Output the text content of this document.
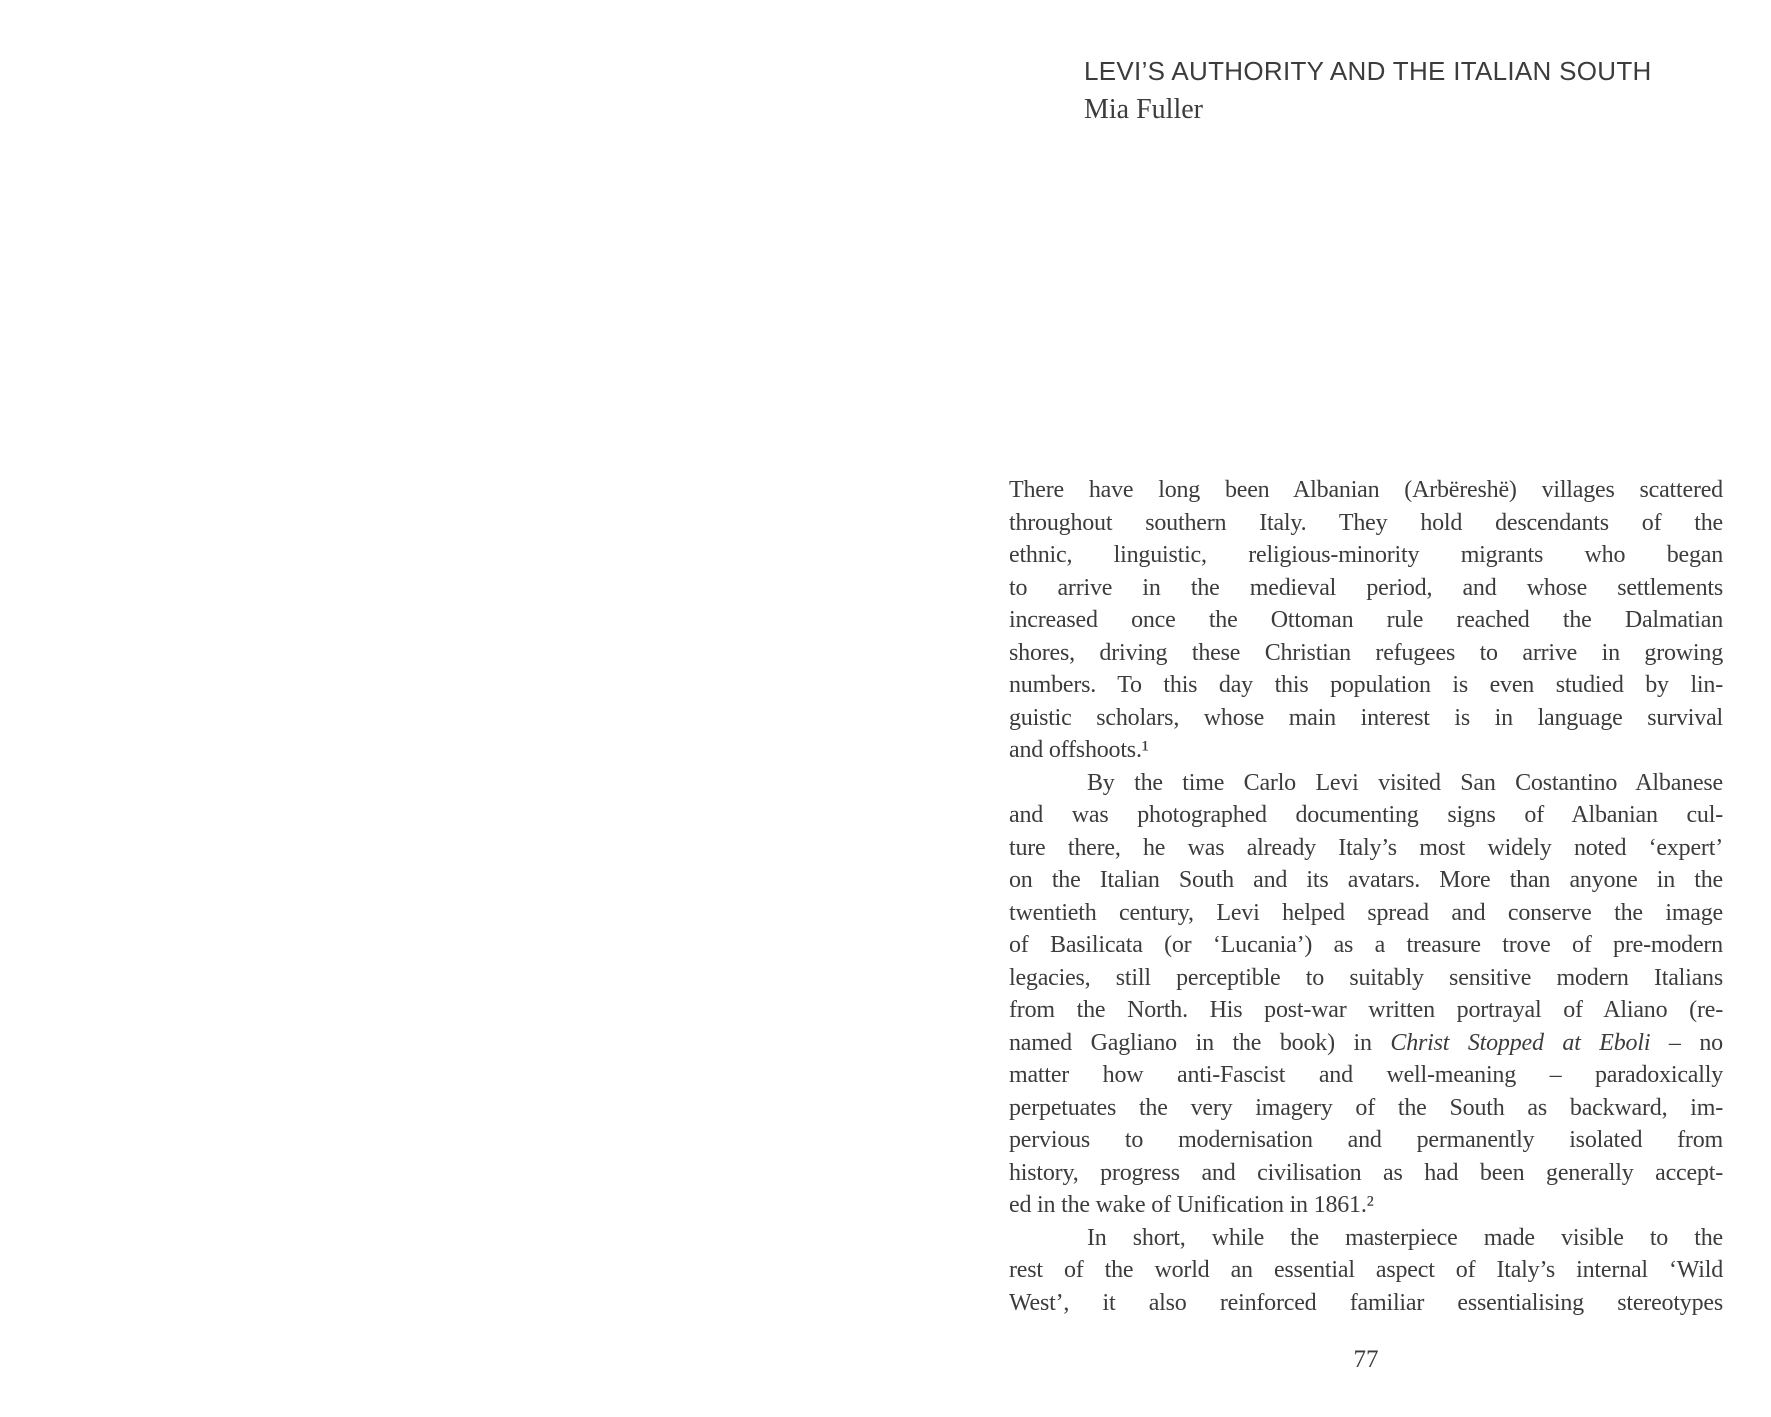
LEVI’S AUTHORITY AND THE ITALIAN SOUTH
Mia Fuller
There have long been Albanian (Arbëreshë) villages scattered
throughout southern Italy. They hold descendants of the
ethnic, linguistic, religious-minority migrants who began
to arrive in the medieval period, and whose settlements
increased once the Ottoman rule reached the Dalmatian
shores, driving these Christian refugees to arrive in growing
numbers. To this day this population is even studied by lin-
guistic scholars, whose main interest is in language survival
and offshoots.¹
By the time Carlo Levi visited San Costantino Albanese
and was photographed documenting signs of Albanian cul-
ture there, he was already Italy’s most widely noted ‘expert’
on the Italian South and its avatars. More than anyone in the
twentieth century, Levi helped spread and conserve the image
of Basilicata (or ‘Lucania’) as a treasure trove of pre-modern
legacies, still perceptible to suitably sensitive modern Italians
from the North. His post-war written portrayal of Aliano (re-
named Gagliano in the book) in Christ Stopped at Eboli – no
matter how anti-Fascist and well-meaning – paradoxically
perpetuates the very imagery of the South as backward, im-
pervious to modernisation and permanently isolated from
history, progress and civilisation as had been generally accept-
ed in the wake of Unification in 1861.²
In short, while the masterpiece made visible to the
rest of the world an essential aspect of Italy’s internal ‘Wild
West’, it also reinforced familiar essentialising stereotypes
77
